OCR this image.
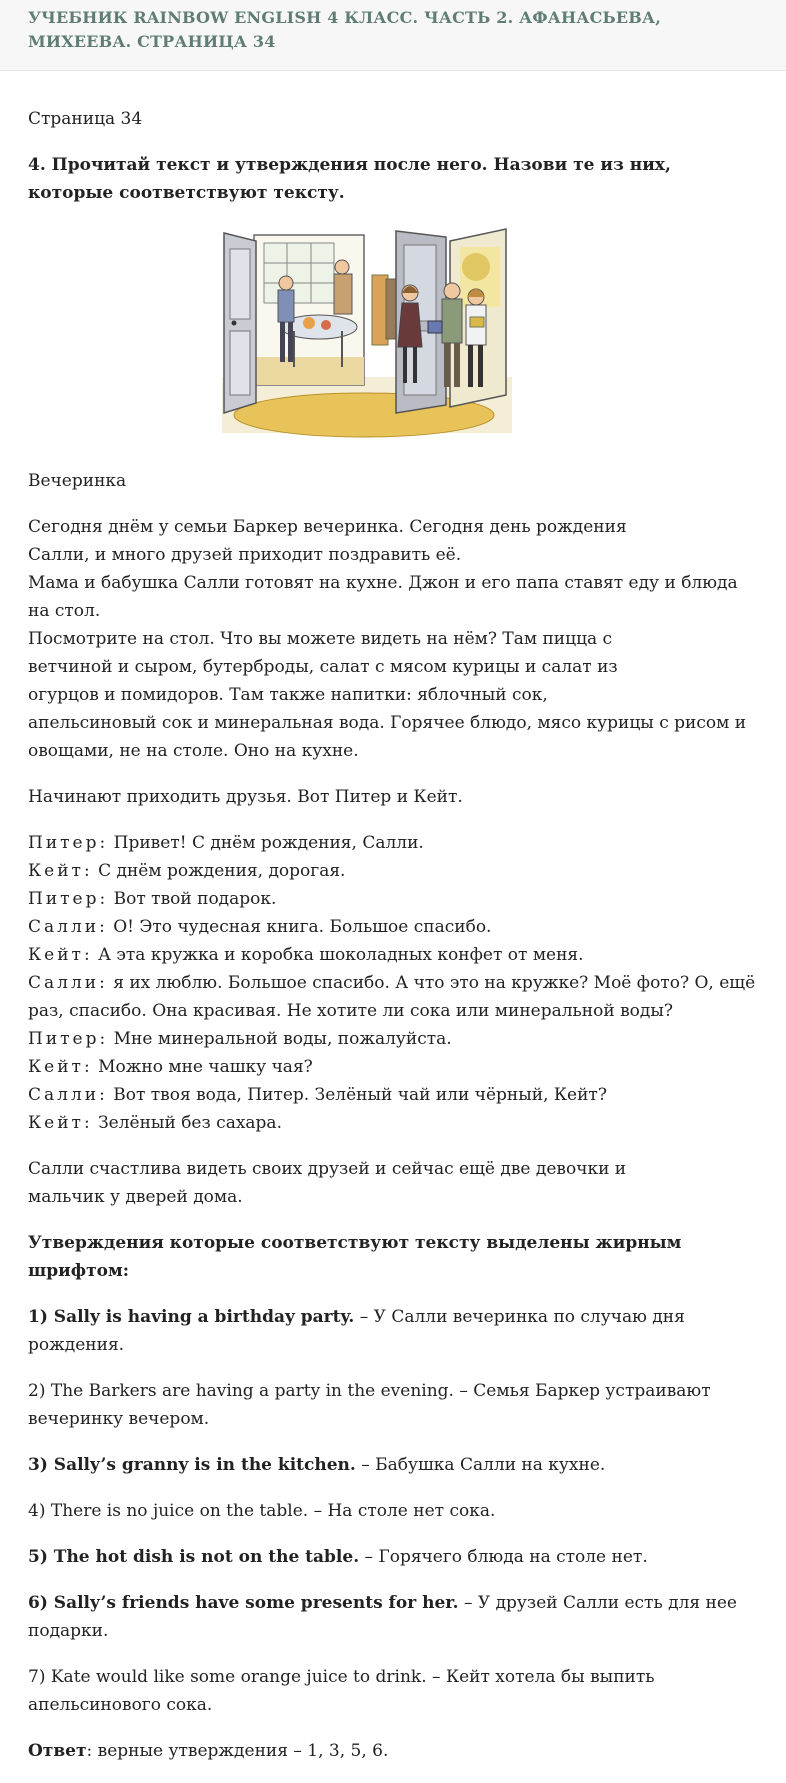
УЧЕБНИК RAINBOW ENGLISH 4 КЛАСС. ЧАСТЬ 2. АФАНАСЬЕВА, МИХЕЕВА. СТРАНИЦА 34

Страница 34

4. Прочитай текст и утверждения после него. Назови те из них, которые соответствуют тексту.

Вечеринка

Сегодня днём у семьи Баркер вечеринка. Сегодня день рождения
Салли, и много друзей приходит поздравить её.
Мама и бабушка Салли готовят на кухне. Джон и его папа ставят еду и блюда на стол.
Посмотрите на стол. Что вы можете видеть на нём? Там пицца с
ветчиной и сыром, бутерброды, салат с мясом курицы и салат из
огурцов и помидоров. Там также напитки: яблочный сок,
апельсиновый сок и минеральная вода. Горячее блюдо, мясо курицы с рисом и овощами, не на столе. Оно на кухне.

Начинают приходить друзья. Вот Питер и Кейт.

Питер: Привет! С днём рождения, Салли.
Кейт: С днём рождения, дорогая.
Питер: Вот твой подарок.
Салли: О! Это чудесная книга. Большое спасибо.
Кейт: А эта кружка и коробка шоколадных конфет от меня.
Салли: я их люблю. Большое спасибо. А что это на кружке? Моё фото? О, ещё раз, спасибо. Она красивая. Не хотите ли сока или минеральной воды?
Питер: Мне минеральной воды, пожалуйста.
Кейт: Можно мне чашку чая?
Салли: Вот твоя вода, Питер. Зелёный чай или чёрный, Кейт?
Кейт: Зелёный без сахара.

Салли счастлива видеть своих друзей и сейчас ещё две девочки и
мальчик у дверей дома.

Утверждения которые соответствуют тексту выделены жирным шрифтом:

1) Sally is having a birthday party. – У Салли вечеринка по случаю дня рождения.

2) The Barkers are having a party in the evening. – Семья Баркер устраивают вечеринку вечером.

3) Sally’s granny is in the kitchen. – Бабушка Салли на кухне.

4) There is no juice on the table. – На столе нет сока.

5) The hot dish is not on the table. – Горячего блюда на столе нет.

6) Sally’s friends have some presents for her. – У друзей Салли есть для нее подарки.

7) Kate would like some orange juice to drink. – Кейт хотела бы выпить апельсинового сока.

Ответ: верные утверждения – 1, 3, 5, 6.
